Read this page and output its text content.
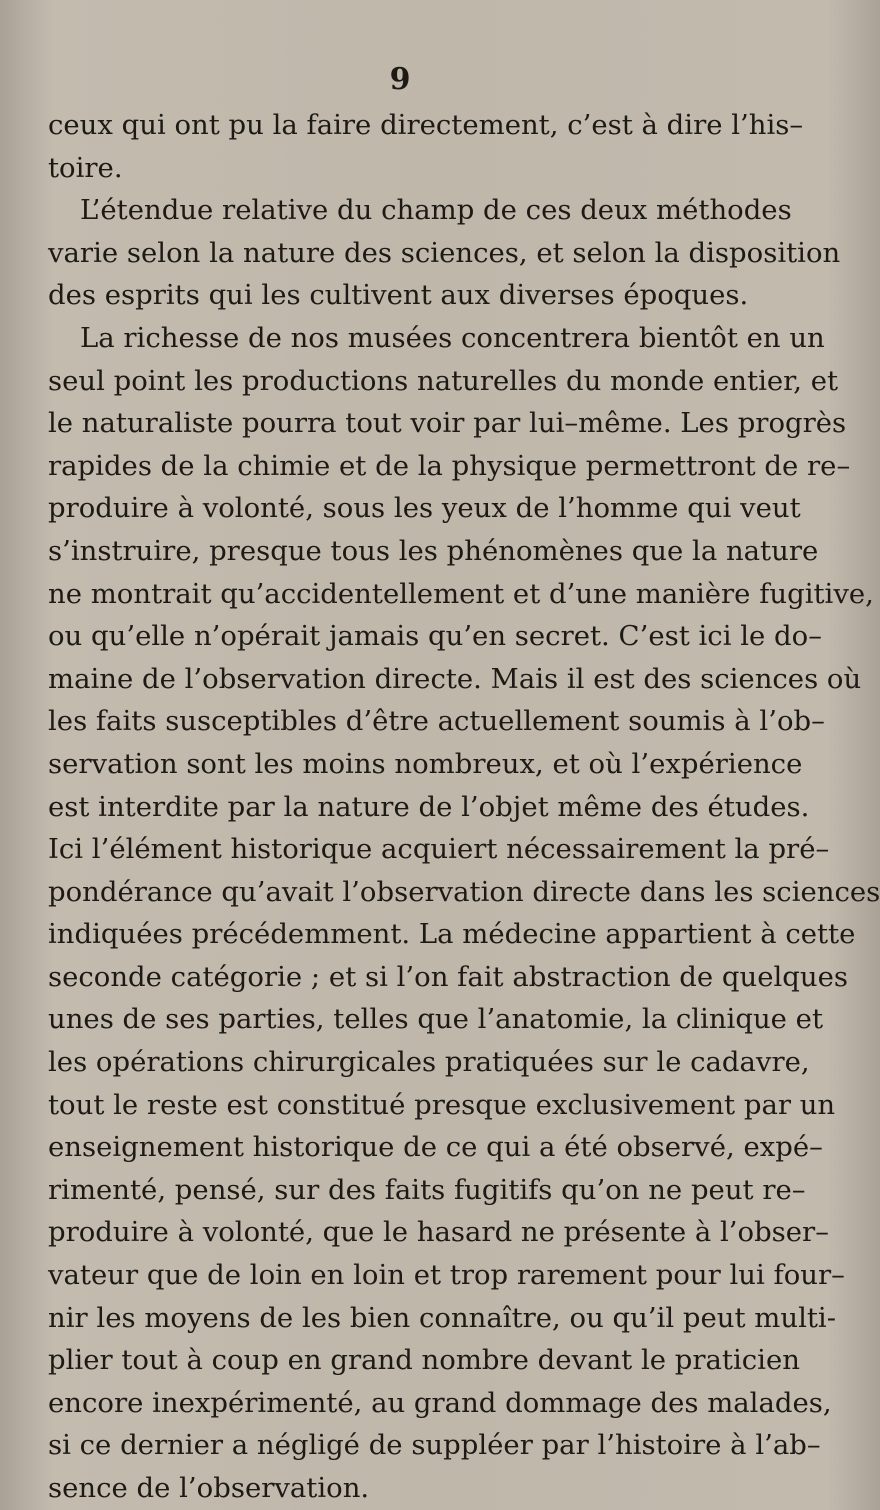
9
ceux qui ont pu la faire directement, c’est à dire l’his–
toire.
L’étendue relative du champ de ces deux méthodes
varie selon la nature des sciences, et selon la disposition
des esprits qui les cultivent aux diverses époques.
La richesse de nos musées concentrera bientôt en un
seul point les productions naturelles du monde entier, et
le naturaliste pourra tout voir par lui–même. Les progrès
rapides de la chimie et de la physique permettront de re–
produire à volonté, sous les yeux de l’homme qui veut
s’instruire, presque tous les phénomènes que la nature
ne montrait qu’accidentellement et d’une manière fugitive,
ou qu’elle n’opérait jamais qu’en secret. C’est ici le do–
maine de l’observation directe. Mais il est des sciences où
les faits susceptibles d’être actuellement soumis à l’ob–
servation sont les moins nombreux, et où l’expérience
est interdite par la nature de l’objet même des études.
Ici l’élément historique acquiert nécessairement la pré–
pondérance qu’avait l’observation directe dans les sciences
indiquées précédemment. La médecine appartient à cette
seconde catégorie ; et si l’on fait abstraction de quelques
unes de ses parties, telles que l’anatomie, la clinique et
les opérations chirurgicales pratiquées sur le cadavre,
tout le reste est constitué presque exclusivement par un
enseignement historique de ce qui a été observé, expé–
rimenté, pensé, sur des faits fugitifs qu’on ne peut re–
produire à volonté, que le hasard ne présente à l’obser–
vateur que de loin en loin et trop rarement pour lui four–
nir les moyens de les bien connaître, ou qu’il peut multi-
plier tout à coup en grand nombre devant le praticien
encore inexpérimenté, au grand dommage des malades,
si ce dernier a négligé de suppléer par l’histoire à l’ab–
sence de l’observation.
